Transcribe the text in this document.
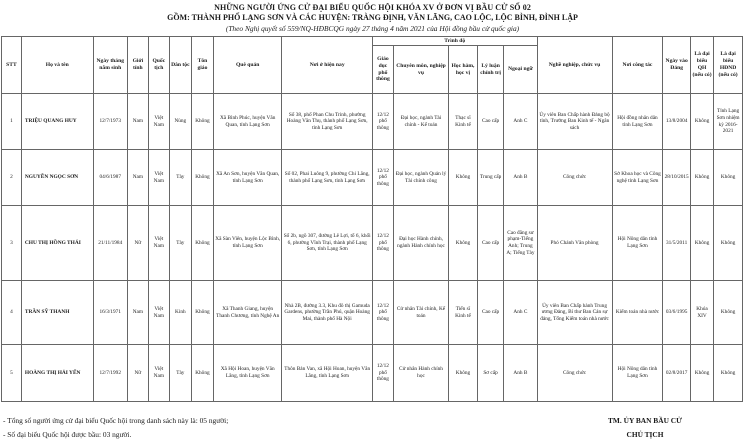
NHỮNG NGƯỜI ỨNG CỬ ĐẠI BIỂU QUỐC HỘI KHÓA XV Ở ĐƠN VỊ BẦU CỬ SỐ 02
GỒM: THÀNH PHỐ LẠNG SƠN VÀ CÁC HUYỆN: TRÀNG ĐỊNH, VĂN LÃNG, CAO LỘC, LỘC BÌNH, ĐÌNH LẬP
(Theo Nghị quyết số 559/NQ-HĐBCQG ngày 27 tháng 4 năm 2021 của Hội đồng bầu cử quốc gia)
STT	Họ và tên	Ngày tháng năm sinh	Giới tính	Quốc tịch	Dân tộc	Tôn giáo	Quê quán	Nơi ở hiện nay	Trình độ					Nghề nghiệp, chức vụ	Nơi công tác	Ngày vào Đảng	Là đại biểu QH (nếu có)	Là đại biểu HĐND (nếu có)
									Giáo dục phổ thông	Chuyên môn, nghiệp vụ	Học hàm, học vị	Lý luận chính trị	Ngoại ngữ					
1	TRIỆU QUANG HUY	12/7/1973	Nam	Việt Nam	Nùng	Không	Xã Bình Phúc, huyện Văn Quan, tỉnh Lạng Sơn	Số 38, phố Phan Chu Trinh, phường Hoàng Văn Thụ, thành phố Lạng Sơn, tỉnh Lạng Sơn	12/12 phổ thông	Đại học, ngành Tài chính - Kế toán	Thạc sĩ Kinh tế	Cao cấp	Anh C	Ủy viên Ban Chấp hành Đảng bộ tỉnh, Trưởng Ban Kinh tế - Ngân sách	Hội đồng nhân dân tỉnh Lạng Sơn	13/8/2004	Không	Tỉnh Lạng Sơn nhiệm kỳ 2016-2021
2	NGUYỄN NGỌC SƠN	04/6/1987	Nam	Việt Nam	Tày	Không	Xã An Sơn, huyện Văn Quan, tỉnh Lạng Sơn	Số 02, Phai Luông 9, phường Chi Lăng, thành phố Lạng Sơn, tỉnh Lạng Sơn	12/12 phổ thông	Đại học, ngành Quản lý Tài chính công	Không	Trung cấp	Anh B	Công chức	Sở Khoa học và Công nghệ tỉnh Lạng Sơn	28/10/2015	Không	Không
3	CHU THỊ HỒNG THÁI	21/11/1984	Nữ	Việt Nam	Tày	Không	Xã Sàn Viên, huyện Lộc Bình, tỉnh Lạng Sơn	Số 2b, ngõ 307, đường Lê Lợi, tổ 6, khối 6, phường Vĩnh Trại, thành phố Lạng Sơn, tỉnh Lạng Sơn	12/12 phổ thông	Đại học Hành chính, ngành Hành chính học	Không	Cao cấp	Cao đẳng sư phạm-Tiếng Anh; Trung A; Tiếng Tày	Phó Chánh Văn phòng	Hội Nông dân tỉnh Lạng Sơn	31/5/2011	Không	Không
4	TRẦN SỸ THANH	16/3/1971	Nam	Việt Nam	Kinh	Không	Xã Thanh Giang, huyện Thanh Chương, tỉnh Nghệ An	Nhà 2B, đường 3.3, Khu đô thị Gamuda Gardens, phường Trần Phú, quận Hoàng Mai, thành phố Hà Nội	12/12 phổ thông	Cử nhân Tài chính, Kế toán	Tiến sĩ Kinh tế	Cao cấp	Anh C	Ủy viên Ban Chấp hành Trung ương Đảng, Bí thư Ban Cán sự đảng, Tổng Kiểm toán nhà nước	Kiểm toán nhà nước	03/6/1995	Khóa XIV	Không
5	HOÀNG THỊ HẢI YẾN	12/7/1992	Nữ	Việt Nam	Tày	Không	Xã Hội Hoan, huyện Văn Lãng, tỉnh Lạng Sơn	Thôn Bản Van, xã Hội Hoan, huyện Văn Lãng, tỉnh Lạng Sơn	12/12 phổ thông	Cử nhân Hành chính học	Không	Sơ cấp	Anh B	Công chức	Hội Nông dân tỉnh Lạng Sơn	02/8/2017	Không	Không
- Tổng số người ứng cử đại biểu Quốc hội trong danh sách này là: 05 người;
- Số đại biểu Quốc hội được bầu: 03 người.
TM. ỦY BAN BẦU CỬ
CHỦ TỊCH
